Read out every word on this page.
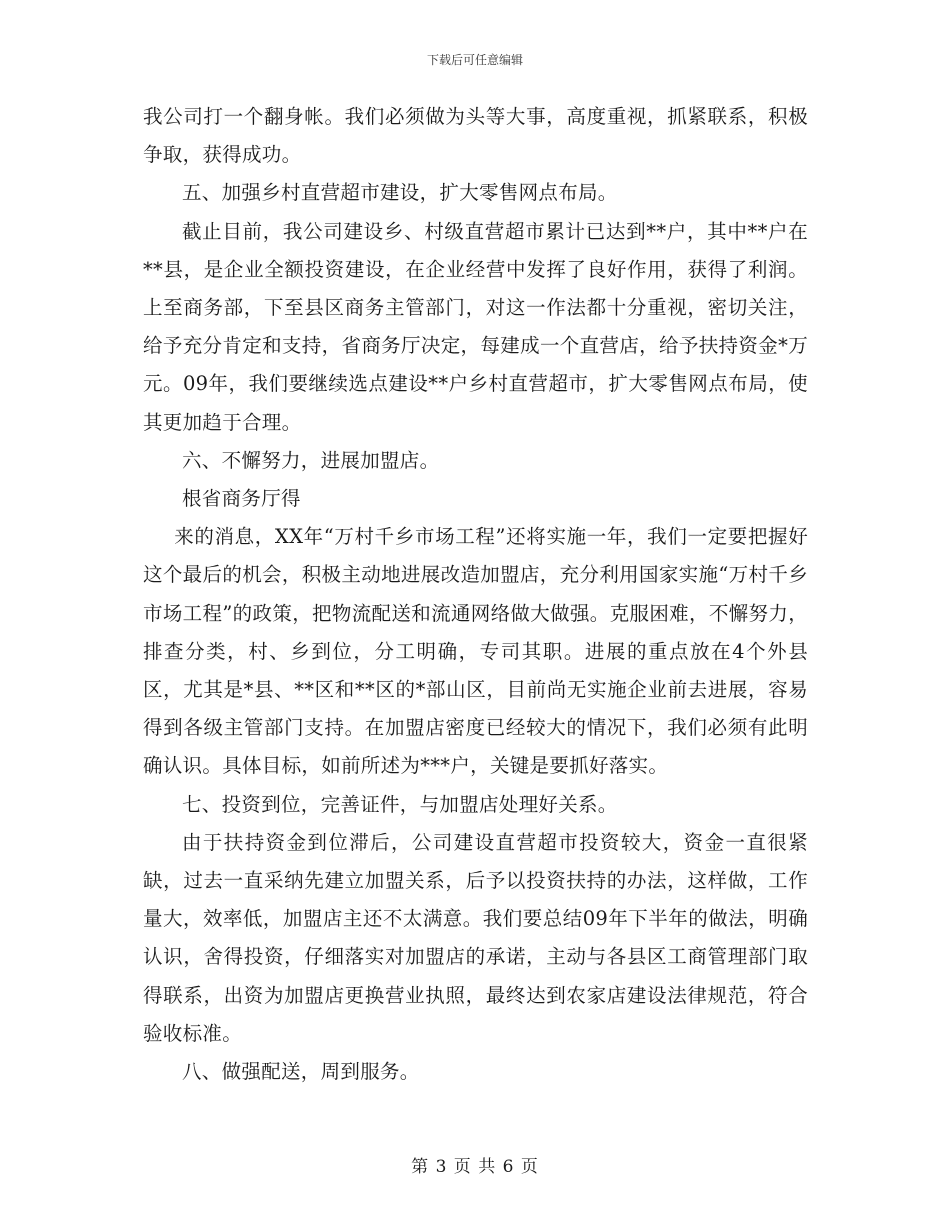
下载后可任意编辑

我公司打一个翻身帐。我们必须做为头等大事，高度重视，抓紧联系，积极争取，获得成功。

五、加强乡村直营超市建设，扩大零售网点布局。

截止目前，我公司建设乡、村级直营超市累计已达到**户，其中**户在**县，是企业全额投资建设，在企业经营中发挥了良好作用，获得了利润。上至商务部，下至县区商务主管部门，对这一作法都十分重视，密切关注，给予充分肯定和支持，省商务厅决定，每建成一个直营店，给予扶持资金*万元。09年，我们要继续选点建设**户乡村直营超市，扩大零售网点布局，使其更加趋于合理。

六、不懈努力，进展加盟店。

根省商务厅得

来的消息，XX年“万村千乡市场工程”还将实施一年，我们一定要把握好这个最后的机会，积极主动地进展改造加盟店，充分利用国家实施“万村千乡市场工程”的政策，把物流配送和流通网络做大做强。克服困难，不懈努力，排查分类，村、乡到位，分工明确，专司其职。进展的重点放在4个外县区，尤其是*县、**区和**区的*部山区，目前尚无实施企业前去进展，容易得到各级主管部门支持。在加盟店密度已经较大的情况下，我们必须有此明确认识。具体目标，如前所述为***户，关键是要抓好落实。

七、投资到位，完善证件，与加盟店处理好关系。

由于扶持资金到位滞后，公司建设直营超市投资较大，资金一直很紧缺，过去一直采纳先建立加盟关系，后予以投资扶持的办法，这样做，工作量大，效率低，加盟店主还不太满意。我们要总结09年下半年的做法，明确认识，舍得投资，仔细落实对加盟店的承诺，主动与各县区工商管理部门取得联系，出资为加盟店更换营业执照，最终达到农家店建设法律规范，符合验收标准。

八、做强配送，周到服务。

第 3 页 共 6 页
